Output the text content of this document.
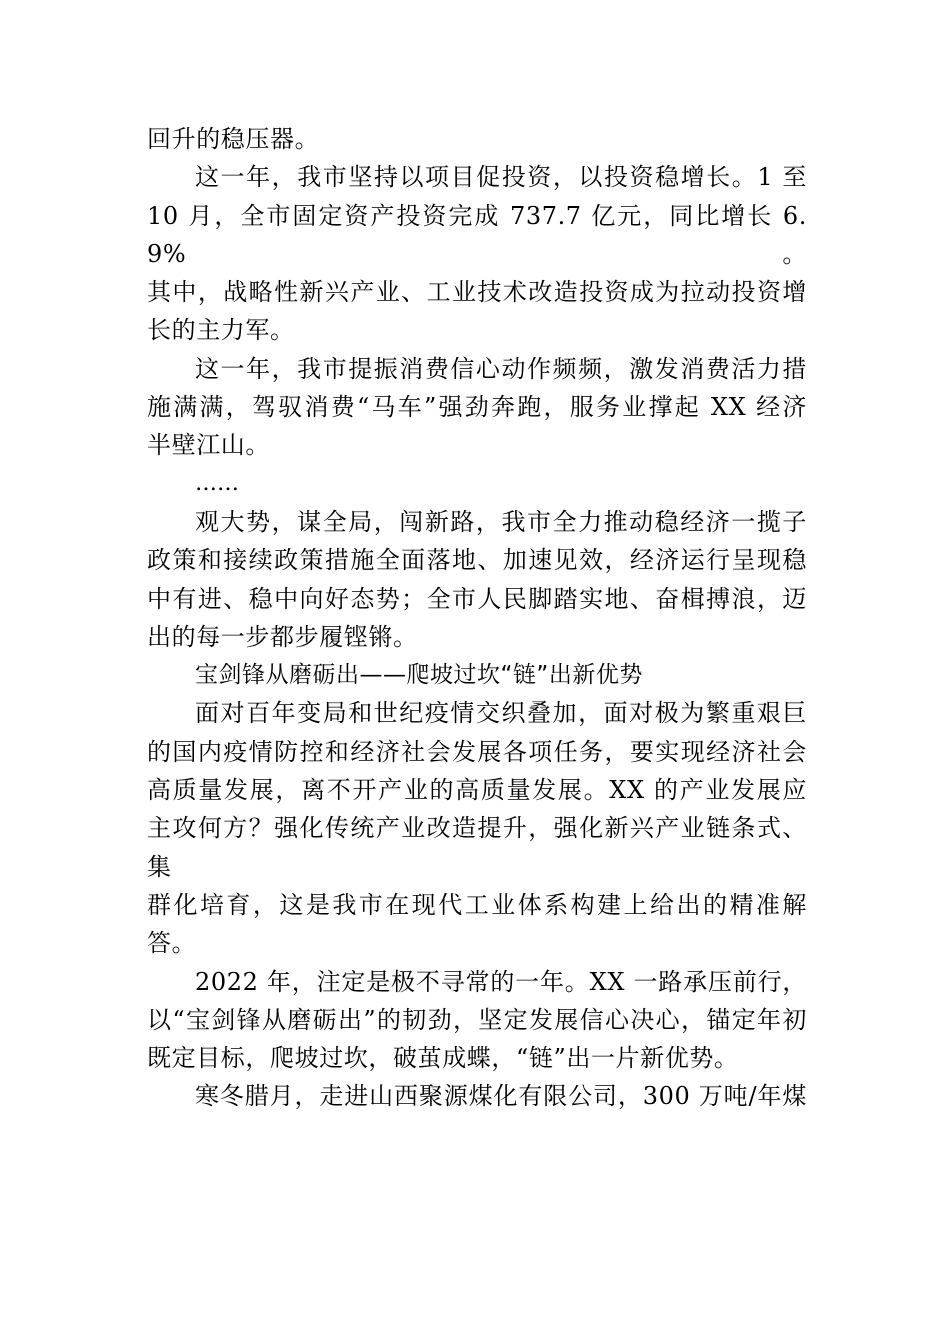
回升的稳压器。

这一年，我市坚持以项目促投资，以投资稳增长。1 至
10 月，全市固定资产投资完成 737.7 亿元，同比增长 6.9%。
其中，战略性新兴产业、工业技术改造投资成为拉动投资增
长的主力军。

这一年，我市提振消费信心动作频频，激发消费活力措
施满满，驾驭消费“马车”强劲奔跑，服务业撑起 XX 经济
半壁江山。

……

观大势，谋全局，闯新路，我市全力推动稳经济一揽子
政策和接续政策措施全面落地、加速见效，经济运行呈现稳
中有进、稳中向好态势；全市人民脚踏实地、奋楫搏浪，迈
出的每一步都步履铿锵。

宝剑锋从磨砺出——爬坡过坎“链”出新优势

面对百年变局和世纪疫情交织叠加，面对极为繁重艰巨
的国内疫情防控和经济社会发展各项任务，要实现经济社会
高质量发展，离不开产业的高质量发展。XX 的产业发展应
主攻何方？强化传统产业改造提升，强化新兴产业链条式、 集
群化培育，这是我市在现代工业体系构建上给出的精准解答。

2022 年，注定是极不寻常的一年。XX 一路承压前行，
以“宝剑锋从磨砺出”的韧劲，坚定发展信心决心，锚定年初
既定目标，爬坡过坎，破茧成蝶，“链”出一片新优势。

寒冬腊月，走进山西聚源煤化有限公司，300 万吨/年煤
